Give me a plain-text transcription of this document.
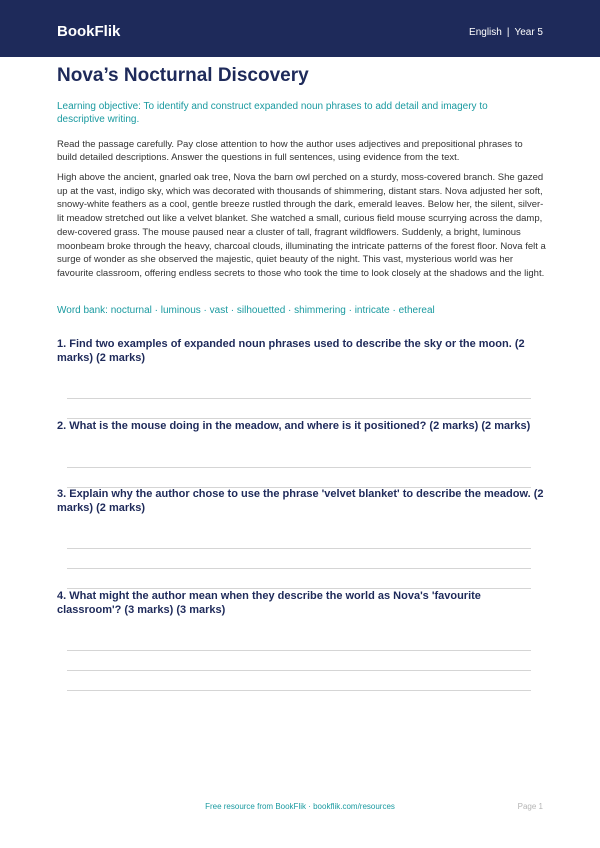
BookFlik	English | Year 5
Nova’s Nocturnal Discovery

Learning objective: To identify and construct expanded noun phrases to add detail and imagery to descriptive writing.

Read the passage carefully. Pay close attention to how the author uses adjectives and prepositional phrases to build detailed descriptions. Answer the questions in full sentences, using evidence from the text.

High above the ancient, gnarled oak tree, Nova the barn owl perched on a sturdy, moss-covered branch. She gazed up at the vast, indigo sky, which was decorated with thousands of shimmering, distant stars. Nova adjusted her soft, snowy-white feathers as a cool, gentle breeze rustled through the dark, emerald leaves. Below her, the silent, silver-lit meadow stretched out like a velvet blanket. She watched a small, curious field mouse scurrying across the damp, dew-covered grass. The mouse paused near a cluster of tall, fragrant wildflowers. Suddenly, a bright, luminous moonbeam broke through the heavy, charcoal clouds, illuminating the intricate patterns of the forest floor. Nova felt a surge of wonder as she observed the majestic, quiet beauty of the night. This vast, mysterious world was her favourite classroom, offering endless secrets to those who took the time to look closely at the shadows and the light.

Word bank: nocturnal · luminous · vast · silhouetted · shimmering · intricate · ethereal

1. Find two examples of expanded noun phrases used to describe the sky or the moon. (2 marks) (2 marks)

2. What is the mouse doing in the meadow, and where is it positioned? (2 marks) (2 marks)

3. Explain why the author chose to use the phrase 'velvet blanket' to describe the meadow. (2 marks) (2 marks)

4. What might the author mean when they describe the world as Nova's 'favourite classroom'? (3 marks) (3 marks)

Free resource from BookFlik · bookflik.com/resources	Page 1
